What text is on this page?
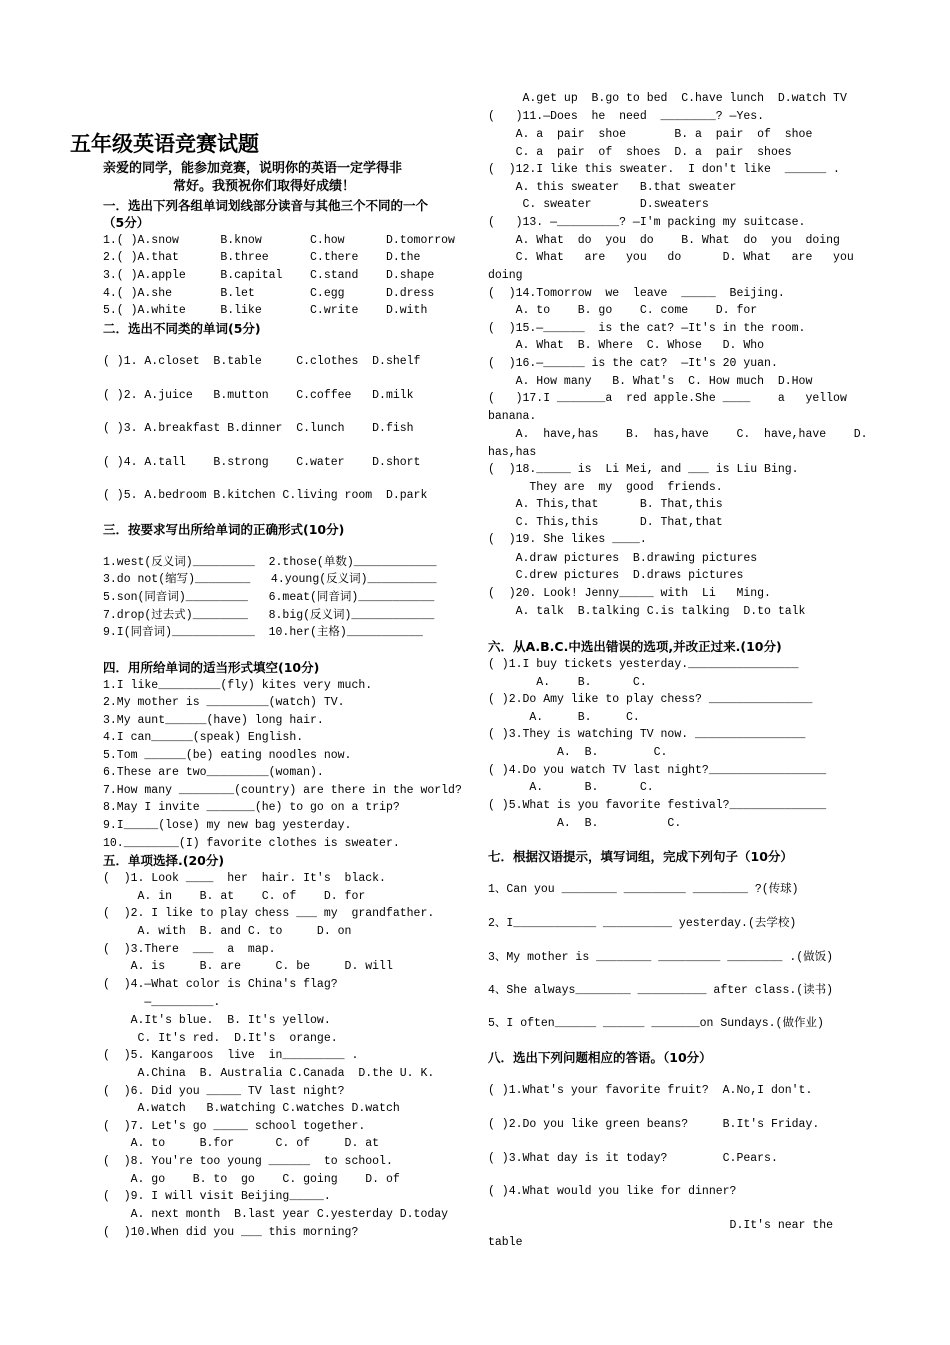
五年级英语竞赛试题
亲爱的同学，能参加竞赛，说明你的英语一定学得非
常好。我预祝你们取得好成绩！
一．选出下列各组单词划线部分读音与其他三个不同的一个
（5分）
1.( )A.snow      B.know       C.how      D.tomorrow
2.( )A.that      B.three      C.there    D.the
3.( )A.apple     B.capital    C.stand    D.shape
4.( )A.she       B.let        C.egg      D.dress
5.( )A.white     B.like       C.write    D.with
二．选出不同类的单词(5分)
( )1. A.closet  B.table     C.clothes  D.shelf
( )2. A.juice   B.mutton    C.coffee   D.milk
( )3. A.breakfast B.dinner  C.lunch    D.fish
( )4. A.tall    B.strong    C.water    D.short
( )5. A.bedroom B.kitchen C.living room  D.park
三．按要求写出所给单词的正确形式(10分)
1.west(反义词)_________  2.those(单数)____________
3.do not(缩写)________   4.young(反义词)__________
5.son(同音词)_________   6.meat(同音词)___________
7.drop(过去式)________   8.big(反义词)____________
9.I(同音词)____________  10.her(主格)___________
四．用所给单词的适当形式填空(10分)
1.I like_________(fly) kites very much.
2.My mother is _________(watch) TV.
3.My aunt______(have) long hair.
4.I can______(speak) English.
5.Tom ______(be) eating noodles now.
6.These are two_________(woman).
7.How many ________(country) are there in the world?
8.May I invite _______(he) to go on a trip?
9.I_____(lose) my new bag yesterday.
10.________(I) favorite clothes is sweater.
五．单项选择.(20分)
(  )1. Look ____  her  hair. It's  black.
A. in    B. at    C. of    D. for
(  )2. I like to play chess ___ my  grandfather.
A. with  B. and C. to     D. on
(  )3.There  ___  a  map.
A. is     B. are     C. be     D. will
(  )4.—What color is China's flag?
—_________.
A.It's blue.  B. It's yellow.
C. It's red.  D.It's  orange.
(  )5. Kangaroos  live  in_________ .
A.China  B. Australia C.Canada  D.the U. K.
(  )6. Did you _____ TV last night?
A.watch   B.watching C.watches D.watch
(  )7. Let's go _____ school together.
A. to     B.for      C. of     D. at
(  )8. You're too young ______  to school.
A. go    B. to  go    C. going    D. of
(  )9. I will visit Beijing_____.
A. next month  B.last year C.yesterday D.today
(  )10.When did you ___ this morning?
A.get up  B.go to bed  C.have lunch  D.watch TV
(   )11.—Does  he  need  ________? —Yes.
A. a  pair  shoe       B. a  pair  of  shoe
C. a  pair  of  shoes  D. a  pair  shoes
(  )12.I like this sweater.  I don't like  ______ .
A. this sweater   B.that sweater
C. sweater       D.sweaters
(   )13. —_________? —I'm packing my suitcase.
A. What  do  you  do    B. What  do  you  doing
C. What   are   you   do      D. What   are   you
doing
(  )14.Tomorrow  we  leave  _____  Beijing.
A. to    B. go    C. come    D. for
(  )15.—______  is the cat? —It's in the room.
A. What  B. Where  C. Whose   D. Who
(  )16.—______ is the cat?  —It's 20 yuan.
A. How many   B. What's  C. How much  D.How
(   )17.I _______a  red apple.She ____    a   yellow
banana.
A.  have,has    B.  has,have    C.  have,have    D.
has,has
(  )18._____ is  Li Mei, and ___ is Liu Bing.
They are  my  good  friends.
A. This,that      B. That,this
C. This,this      D. That,that
(  )19. She likes ____.
A.draw pictures  B.drawing pictures
C.drew pictures  D.draws pictures
(  )20. Look! Jenny_____ with  Li   Ming.
A. talk  B.talking C.is talking  D.to talk
六．从A.B.C.中选出错误的选项,并改正过来.(10分)
( )1.I buy tickets yesterday.________________
A.    B.      C.
( )2.Do Amy like to play chess? _______________
A.     B.     C.
( )3.They is watching TV now. ________________
A.  B.        C.
( )4.Do you watch TV last night?_________________
A.      B.      C.
( )5.What is you favorite festival?______________
A.  B.          C.
七．根据汉语提示，填写词组，完成下列句子（10分）
1、Can you ________ _________ ________ ?(传球)
2、I____________ __________ yesterday.(去学校)
3、My mother is ________ _________ ________ .(做饭)
4、She always________ __________ after class.(读书)
5、I often______ ______ _______on Sundays.(做作业)
八．选出下列问题相应的答语。（10分）
( )1.What's your favorite fruit?  A.No,I don't.
( )2.Do you like green beans?     B.It's Friday.
( )3.What day is it today?        C.Pears.
( )4.What would you like for dinner?
D.It's near the
table
